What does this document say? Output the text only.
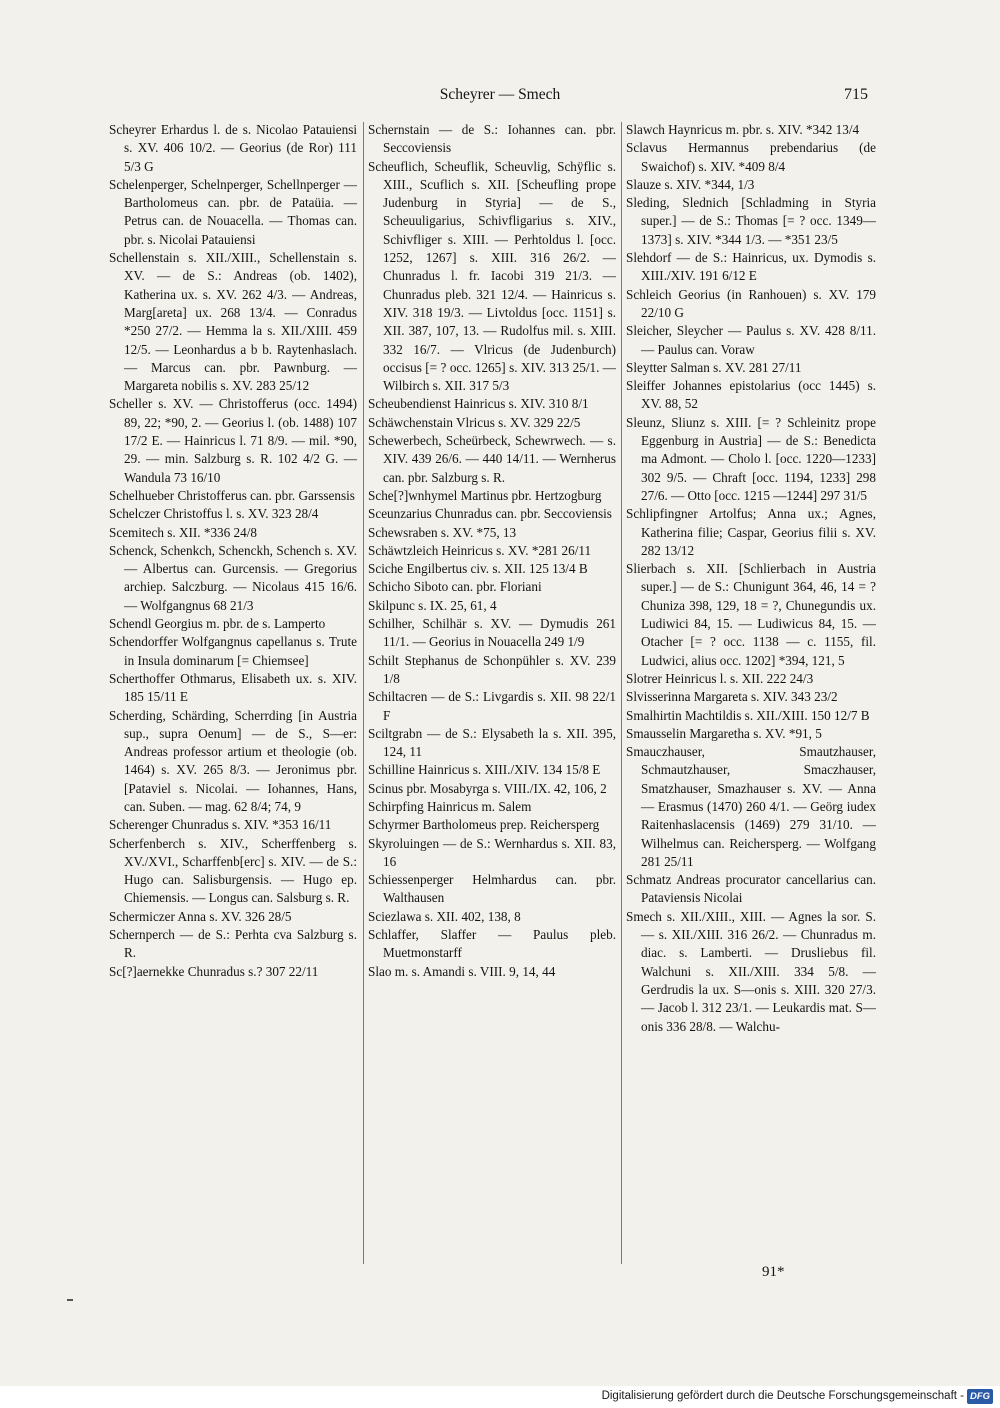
Scheyrer — Smech	715

Scheyrer Erhardus l. de s. Nicolao Patauiensi s. XV. 406 10/2. — Georius (de Ror) 111 5/3 G

Schelenperger, Schelnperger, Schellnperger — Bartholomeus can. pbr. de Pataüia. — Petrus can. de Nouacella. — Thomas can. pbr. s. Nicolai Patauiensi

Schellenstain s. XII./XIII., Schellenstain s. XV. — de S.: Andreas (ob. 1402), Katherina ux. s. XV. 262 4/3. — Andreas, Marg[areta] ux. 268 13/4. — Conradus *250 27/2. — Hemma la s. XII./XIII. 459 12/5. — Leonhardus a b b. Raytenhaslach. — Marcus can. pbr. Pawnburg. — Margareta nobilis s. XV. 283 25/12

Scheller s. XV. — Christofferus (occ. 1494) 89, 22; *90, 2. — Georius l. (ob. 1488) 107 17/2 E. — Hainricus l. 71 8/9. — mil. *90, 29. — min. Salzburg s. R. 102 4/2 G. — Wandula 73 16/10

Schelhueber Christofferus can. pbr. Garssensis

Schelczer Christoffus l. s. XV. 323 28/4

Scemitech s. XII. *336 24/8

Schenck, Schenkch, Schenckh, Schench s. XV. — Albertus can. Gurcensis. — Gregorius archiep. Salczburg. — Nicolaus 415 16/6. — Wolfgangnus 68 21/3

Schendl Georgius m. pbr. de s. Lamperto

Schendorffer Wolfgangnus capellanus s. Trute in Insula dominarum [= Chiemsee]

Scherthoffer Othmarus, Elisabeth ux. s. XIV. 185 15/11 E

Scherding, Schärding, Scherrding [in Austria sup., supra Oenum] — de S., S—er: Andreas professor artium et theologie (ob. 1464) s. XV. 265 8/3. — Jeronimus pbr. [Pataviel s. Nicolai. — Iohannes, Hans, can. Suben. — mag. 62 8/4; 74, 9

Scherenger Chunradus s. XIV. *353 16/11

Scherfenberch s. XIV., Scherffenberg s. XV./XVI., Scharffenb[erc] s. XIV. — de S.: Hugo can. Salisburgensis. — Hugo ep. Chiemensis. — Longus can. Salsburg s. R.

Schermiczer Anna s. XV. 326 28/5

Schernperch — de S.: Perhta cva Salzburg s. R.

Sc[?]aernekke Chunradus s.? 307 22/11

Schernstain — de S.: Iohannes can. pbr. Seccoviensis

Scheuflich, Scheuflik, Scheuvlig, Schÿflic s. XIII., Scuflich s. XII. [Scheufling prope Judenburg in Styria] — de S., Scheuuligarius, Schivfligarius s. XIV., Schivfliger s. XIII. — Perhtoldus l. [occ. 1252, 1267] s. XIII. 316 26/2. — Chunradus l. fr. Iacobi 319 21/3. — Chunradus pleb. 321 12/4. — Hainricus s. XIV. 318 19/3. — Livtoldus [occ. 1151] s. XII. 387, 107, 13. — Rudolfus mil. s. XIII. 332 16/7. — Vlricus (de Judenburch) occisus [= ? occ. 1265] s. XIV. 313 25/1. — Wilbirch s. XII. 317 5/3

Scheubendienst Hainricus s. XIV. 310 8/1

Schäwchenstain Vlricus s. XV. 329 22/5

Schewerbech, Scheürbeck, Schewrwech. — s. XIV. 439 26/6. — 440 14/11. — Wernherus can. pbr. Salzburg s. R.

Sche[?]wnhymel Martinus pbr. Hertzogburg

Sceunzarius Chunradus can. pbr. Seccoviensis

Schewsraben s. XV. *75, 13

Schäwtzleich Heinricus s. XV. *281 26/11

Sciche Engilbertus civ. s. XII. 125 13/4 B

Schicho Siboto can. pbr. Floriani

Skilpunc s. IX. 25, 61, 4

Schilher, Schilhär s. XV. — Dymudis 261 11/1. — Georius in Nouacella 249 1/9

Schilt Stephanus de Schonpühler s. XV. 239 1/8

Schiltacren — de S.: Livgardis s. XII. 98 22/1 F

Sciltgrabn — de S.: Elysabeth la s. XII. 395, 124, 11

Schilline Hainricus s. XIII./XIV. 134 15/8 E

Scinus pbr. Mosabyrga s. VIII./IX. 42, 106, 2

Schirpfing Hainricus m. Salem

Schyrmer Bartholomeus prep. Reichersperg

Skyroluingen — de S.: Wernhardus s. XII. 83, 16

Schiessenperger Helmhardus can. pbr. Walthausen

Sciezlawa s. XII. 402, 138, 8

Schlaffer, Slaffer — Paulus pleb. Muetmonstarff

Slao m. s. Amandi s. VIII. 9, 14, 44

Slawch Haynricus m. pbr. s. XIV. *342 13/4

Sclavus Hermannus prebendarius (de Swaichof) s. XIV. *409 8/4

Slauze s. XIV. *344, 1/3

Sleding, Slednich [Schladming in Styria super.] — de S.: Thomas [= ? occ. 1349—1373] s. XIV. *344 1/3. — *351 23/5

Slehdorf — de S.: Hainricus, ux. Dymodis s. XIII./XIV. 191 6/12 E

Schleich Georius (in Ranhouen) s. XV. 179 22/10 G

Sleicher, Sleycher — Paulus s. XV. 428 8/11. — Paulus can. Voraw

Sleytter Salman s. XV. 281 27/11

Sleiffer Johannes epistolarius (occ 1445) s. XV. 88, 52

Sleunz, Sliunz s. XIII. [= ? Schleinitz prope Eggenburg in Austria] — de S.: Benedicta ma Admont. — Cholo l. [occ. 1220—1233] 302 9/5. — Chraft [occ. 1194, 1233] 298 27/6. — Otto [occ. 1215 —1244] 297 31/5

Schlipfingner Artolfus; Anna ux.; Agnes, Katherina filie; Caspar, Georius filii s. XV. 282 13/12

Slierbach s. XII. [Schlierbach in Austria super.] — de S.: Chunigunt 364, 46, 14 = ? Chuniza 398, 129, 18 = ?, Chunegundis ux. Ludiwici 84, 15. — Ludiwicus 84, 15. — Otacher [= ? occ. 1138 — c. 1155, fil. Ludwici, alius occ. 1202] *394, 121, 5

Slotrer Heinricus l. s. XII. 222 24/3

Slvisserinna Margareta s. XIV. 343 23/2

Smalhirtin Machtildis s. XII./XIII. 150 12/7 B

Smausselin Margaretha s. XV. *91, 5

Smauczhauser, Smautzhauser, Schmautzhauser, Smaczhauser, Smatzhauser, Smazhauser s. XV. — Anna — Erasmus (1470) 260 4/1. — Geörg iudex Raitenhaslacensis (1469) 279 31/10. — Wilhelmus can. Reichersperg. — Wolfgang 281 25/11

Schmatz Andreas procurator cancellarius can. Pataviensis Nicolai

Smech s. XII./XIII., XIII. — Agnes la sor. S. — s. XII./XIII. 316 26/2. — Chunradus m. diac. s. Lamberti. — Drusliebus fil. Walchuni s. XII./XIII. 334 5/8. — Gerdrudis la ux. S—onis s. XIII. 320 27/3. — Jacob l. 312 23/1. — Leukardis mat. S—onis 336 28/8. — Walchu-

91*
Digitalisierung gefördert durch die Deutsche Forschungsgemeinschaft - DFG
